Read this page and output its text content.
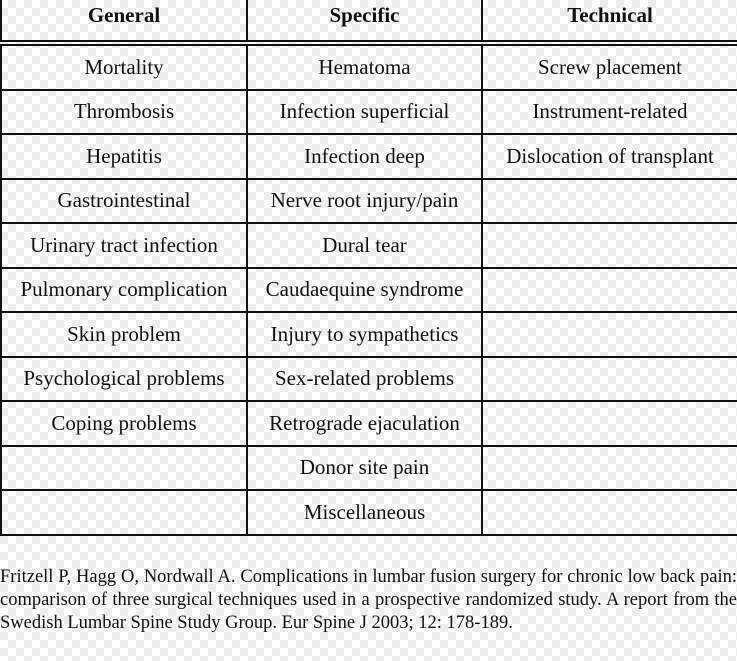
General	Specific	Technical
Mortality	Hematoma	Screw placement
Thrombosis	Infection superficial	Instrument-related
Hepatitis	Infection deep	Dislocation of transplant
Gastrointestinal	Nerve root injury/pain	
Urinary tract infection	Dural tear	
Pulmonary complication	Caudaequine syndrome	
Skin problem	Injury to sympathetics	
Psychological problems	Sex-related problems	
Coping problems	Retrograde ejaculation	
	Donor site pain	
	Miscellaneous	
Fritzell P, Hagg O, Nordwall A. Complications in lumbar fusion surgery for chronic low back pain: comparison of three surgical techniques used in a prospective randomized study. A report from the Swedish Lumbar Spine Study Group. Eur Spine J 2003; 12: 178-189.
